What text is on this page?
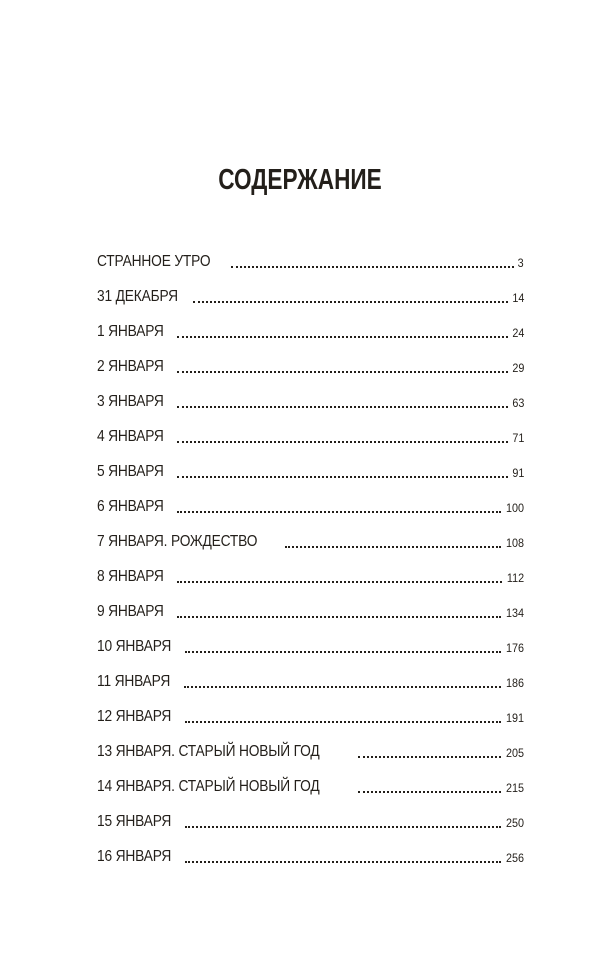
СОДЕРЖАНИЕ
СТРАННОЕ УТРО	3
31 ДЕКАБРЯ	14
1 ЯНВАРЯ	24
2 ЯНВАРЯ	29
3 ЯНВАРЯ	63
4 ЯНВАРЯ	71
5 ЯНВАРЯ	91
6 ЯНВАРЯ	100
7 ЯНВАРЯ. РОЖДЕСТВО	108
8 ЯНВАРЯ	112
9 ЯНВАРЯ	134
10 ЯНВАРЯ	176
11 ЯНВАРЯ	186
12 ЯНВАРЯ	191
13 ЯНВАРЯ. СТАРЫЙ НОВЫЙ ГОД	205
14 ЯНВАРЯ. СТАРЫЙ НОВЫЙ ГОД	215
15 ЯНВАРЯ	250
16 ЯНВАРЯ	256
